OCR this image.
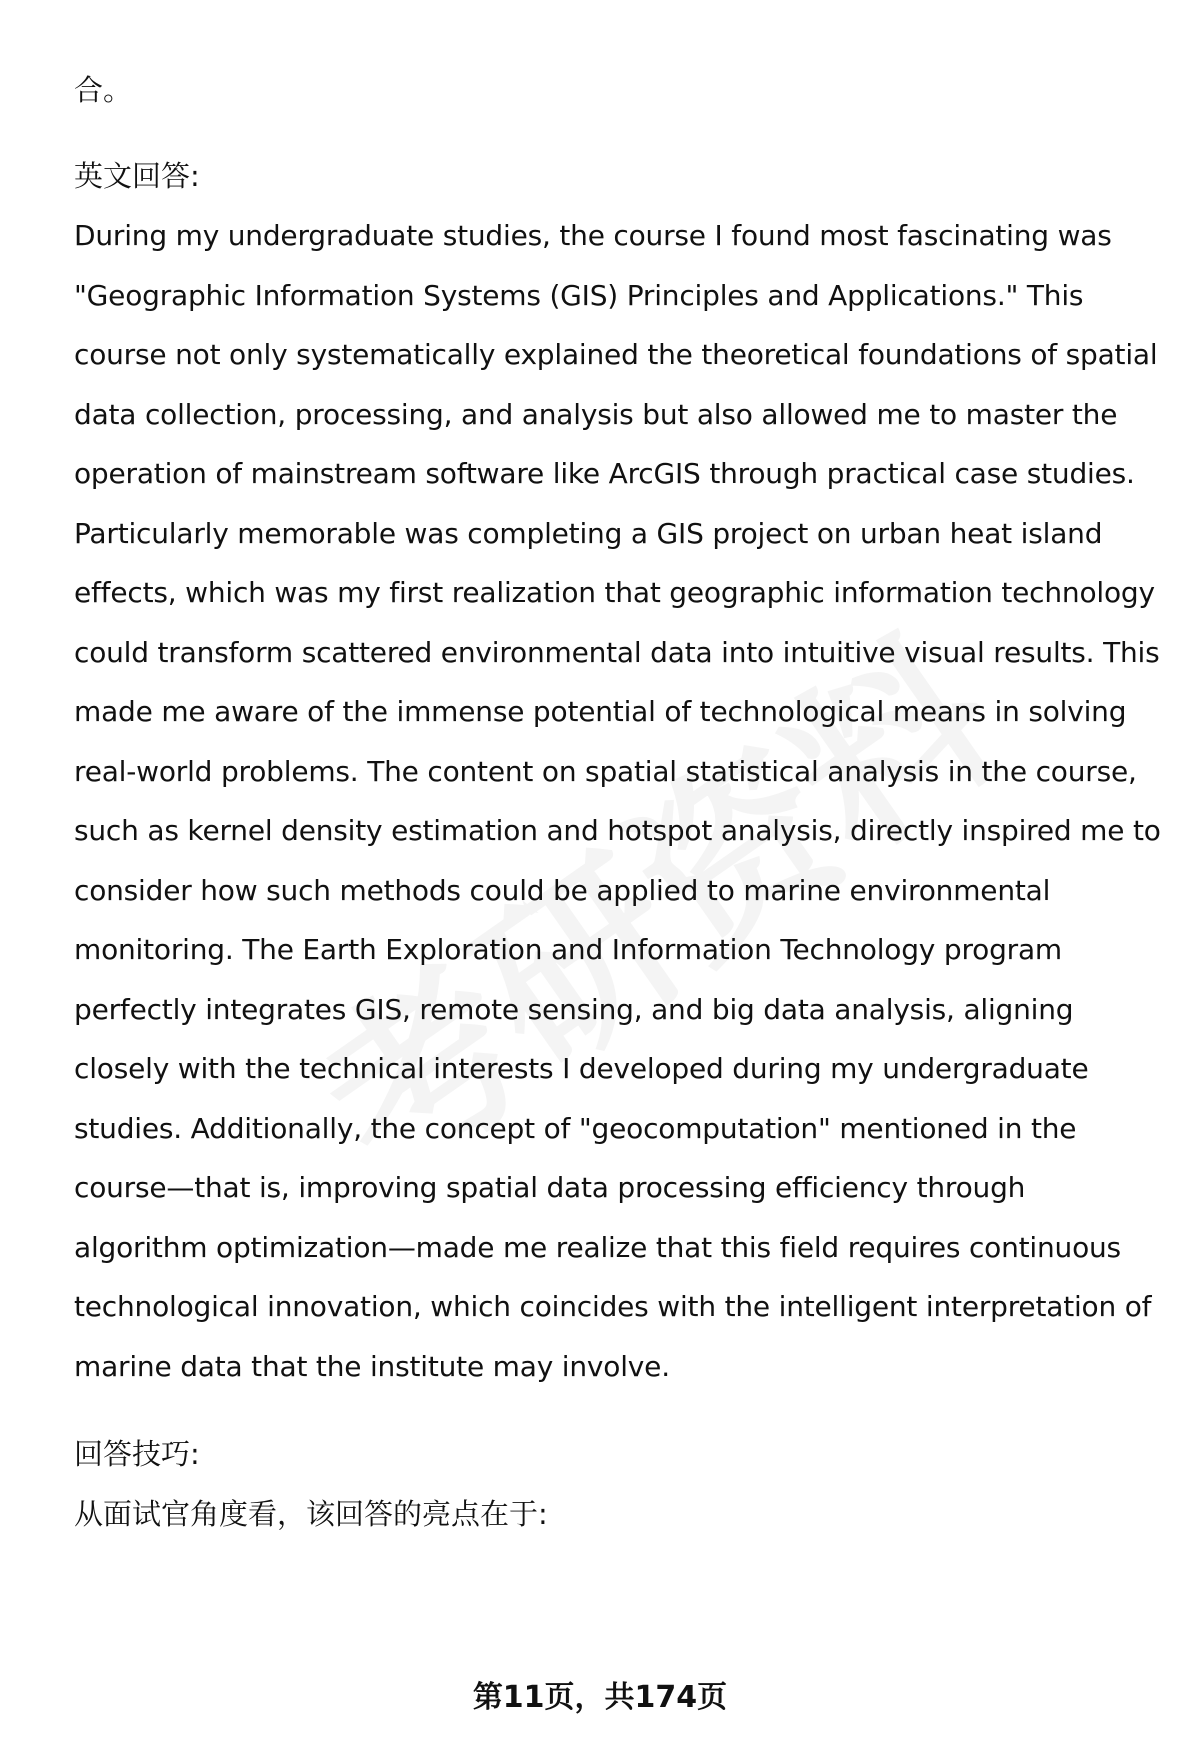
合。

英文回答:

During my undergraduate studies, the course I found most fascinating was "Geographic Information Systems (GIS) Principles and Applications." This course not only systematically explained the theoretical foundations of spatial data collection, processing, and analysis but also allowed me to master the operation of mainstream software like ArcGIS through practical case studies. Particularly memorable was completing a GIS project on urban heat island effects, which was my first realization that geographic information technology could transform scattered environmental data into intuitive visual results. This made me aware of the immense potential of technological means in solving real-world problems. The content on spatial statistical analysis in the course, such as kernel density estimation and hotspot analysis, directly inspired me to consider how such methods could be applied to marine environmental monitoring. The Earth Exploration and Information Technology program perfectly integrates GIS, remote sensing, and big data analysis, aligning closely with the technical interests I developed during my undergraduate studies. Additionally, the concept of "geocomputation" mentioned in the course—that is, improving spatial data processing efficiency through algorithm optimization—made me realize that this field requires continuous technological innovation, which coincides with the intelligent interpretation of marine data that the institute may involve.

回答技巧:

从面试官角度看，该回答的亮点在于:

第11页，共174页
